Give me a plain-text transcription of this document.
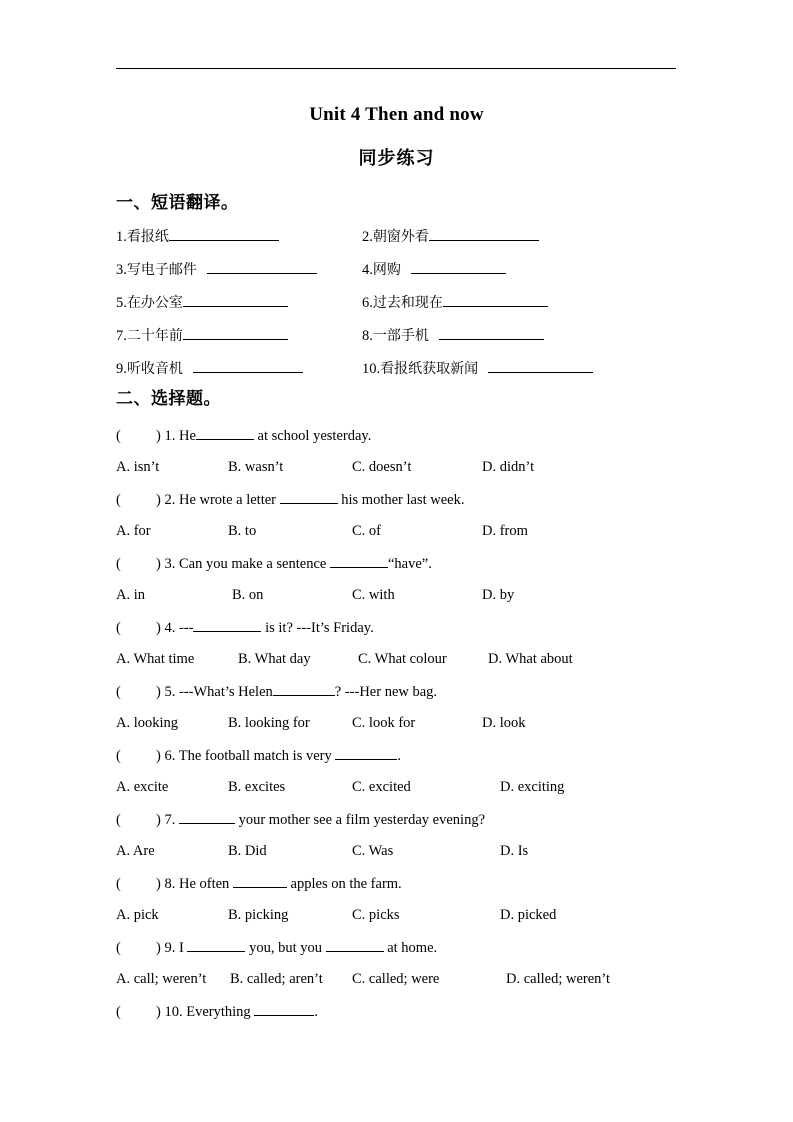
Unit 4 Then and now
同步练习
一、短语翻译。
1.看报纸	2.朝窗外看
3.写电子邮件	4.网购
5.在办公室	6.过去和现在
7.二十年前	8.一部手机
9.听收音机	10.看报纸获取新闻
二、选择题。
( ) 1. He	at school yesterday.
A. isn’t	B. wasn’t	C. doesn’t	D. didn’t
( ) 2. He wrote a letter	his mother last week.
A. for	B. to	C. of	D. from
( ) 3. Can you make a sentence	“have”.
A. in	B. on	C. with	D. by
( ) 4. ---	is it? ---It’s Friday.
A. What time	B. What day	C. What colour	D. What about
( ) 5. ---What’s Helen	? ---Her new bag.
A. looking	B. looking for	C. look for	D. look
( ) 6. The football match is very	.
A. excite	B. excites	C. excited	D. exciting
( ) 7.	your mother see a film yesterday evening?
A. Are	B. Did	C. Was	D. Is
( ) 8. He often	apples on the farm.
A. pick	B. picking	C. picks	D. picked
( ) 9. I	you, but you	at home.
A. call; weren’t B. called; aren’t C. called; were	D. called; weren’t
( ) 10. Everything	.
